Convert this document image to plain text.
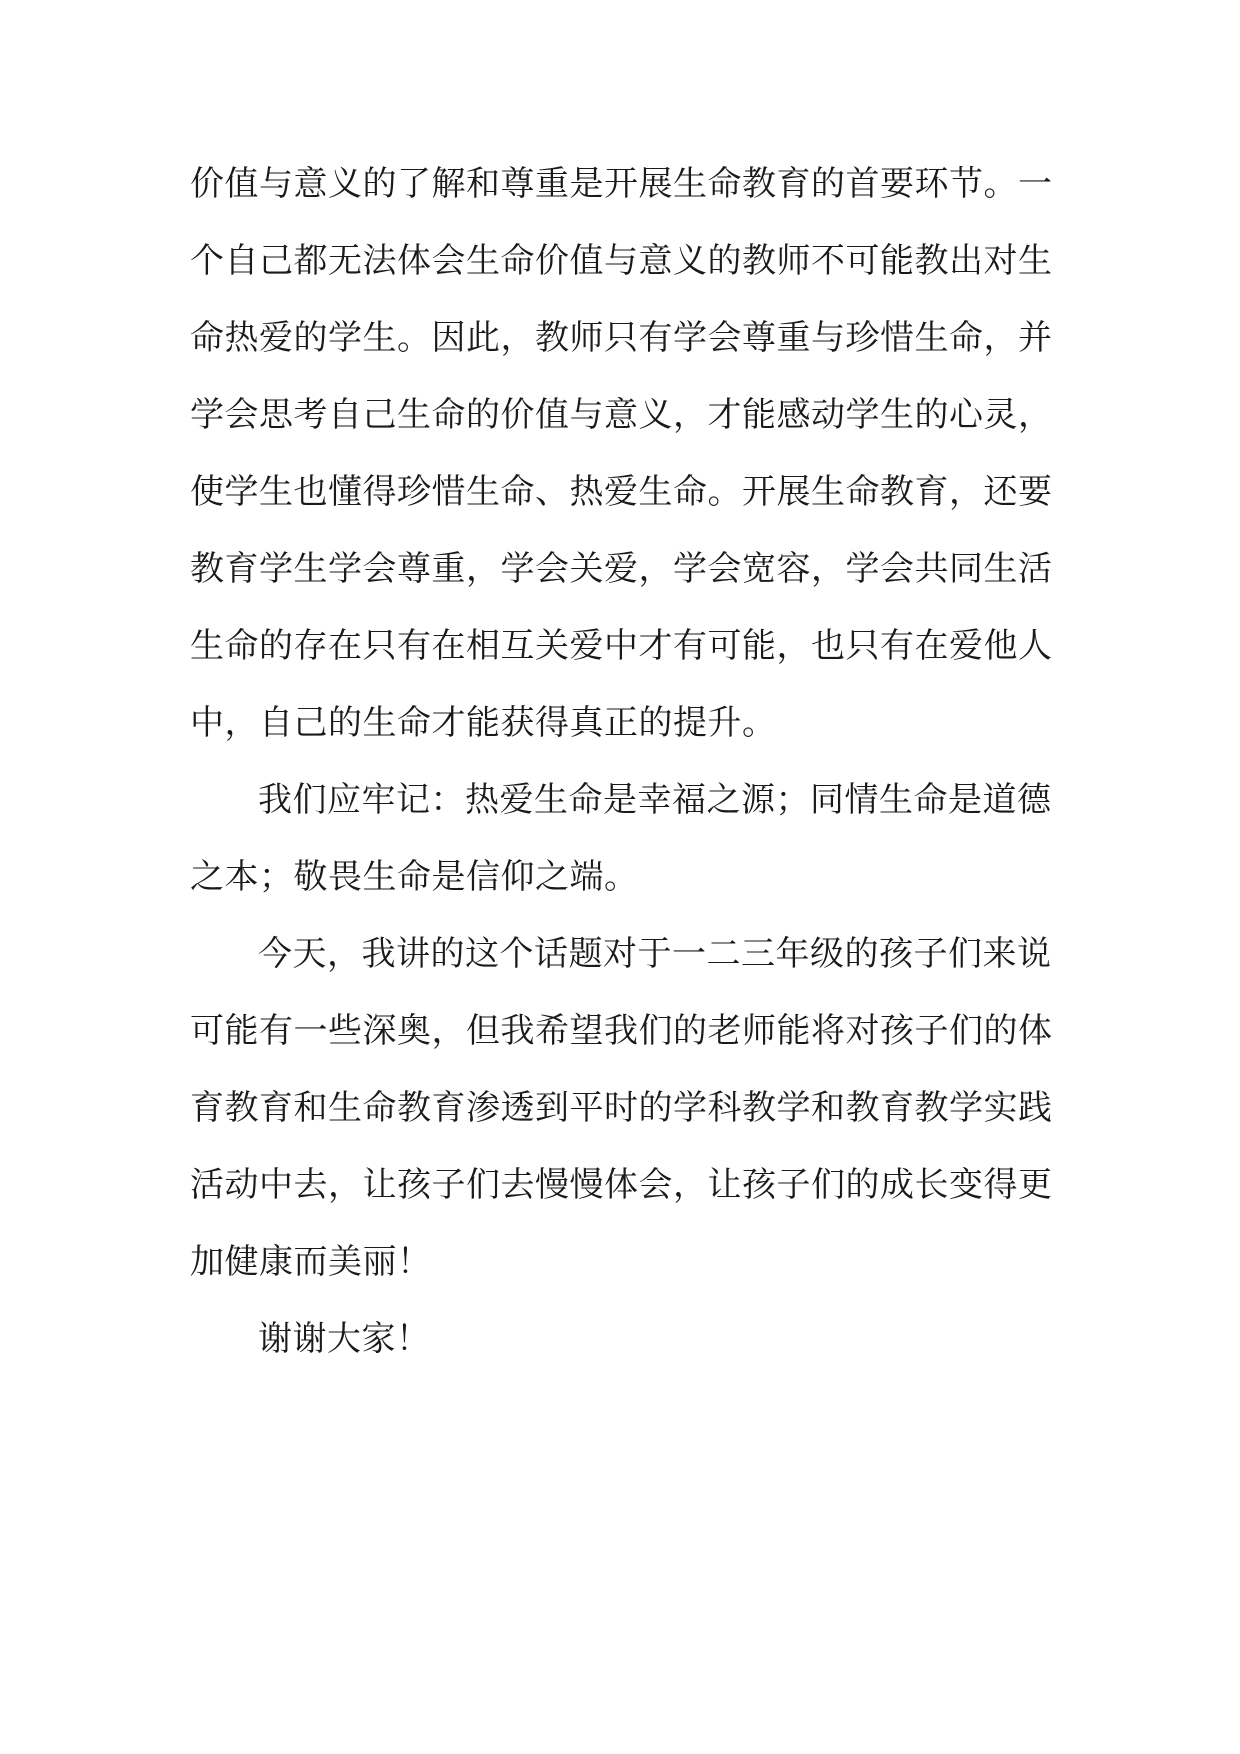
价值与意义的了解和尊重是开展生命教育的首要环节。一
个自己都无法体会生命价值与意义的教师不可能教出对生
命热爱的学生。因此，教师只有学会尊重与珍惜生命，并
学会思考自己生命的价值与意义，才能感动学生的心灵，
使学生也懂得珍惜生命、热爱生命。开展生命教育，还要
教育学生学会尊重，学会关爱，学会宽容，学会共同生活
生命的存在只有在相互关爱中才有可能，也只有在爱他人
中，自己的生命才能获得真正的提升。
我们应牢记：热爱生命是幸福之源；同情生命是道德
之本；敬畏生命是信仰之端。
今天，我讲的这个话题对于一二三年级的孩子们来说
可能有一些深奥，但我希望我们的老师能将对孩子们的体
育教育和生命教育渗透到平时的学科教学和教育教学实践
活动中去，让孩子们去慢慢体会，让孩子们的成长变得更
加健康而美丽！
谢谢大家！
